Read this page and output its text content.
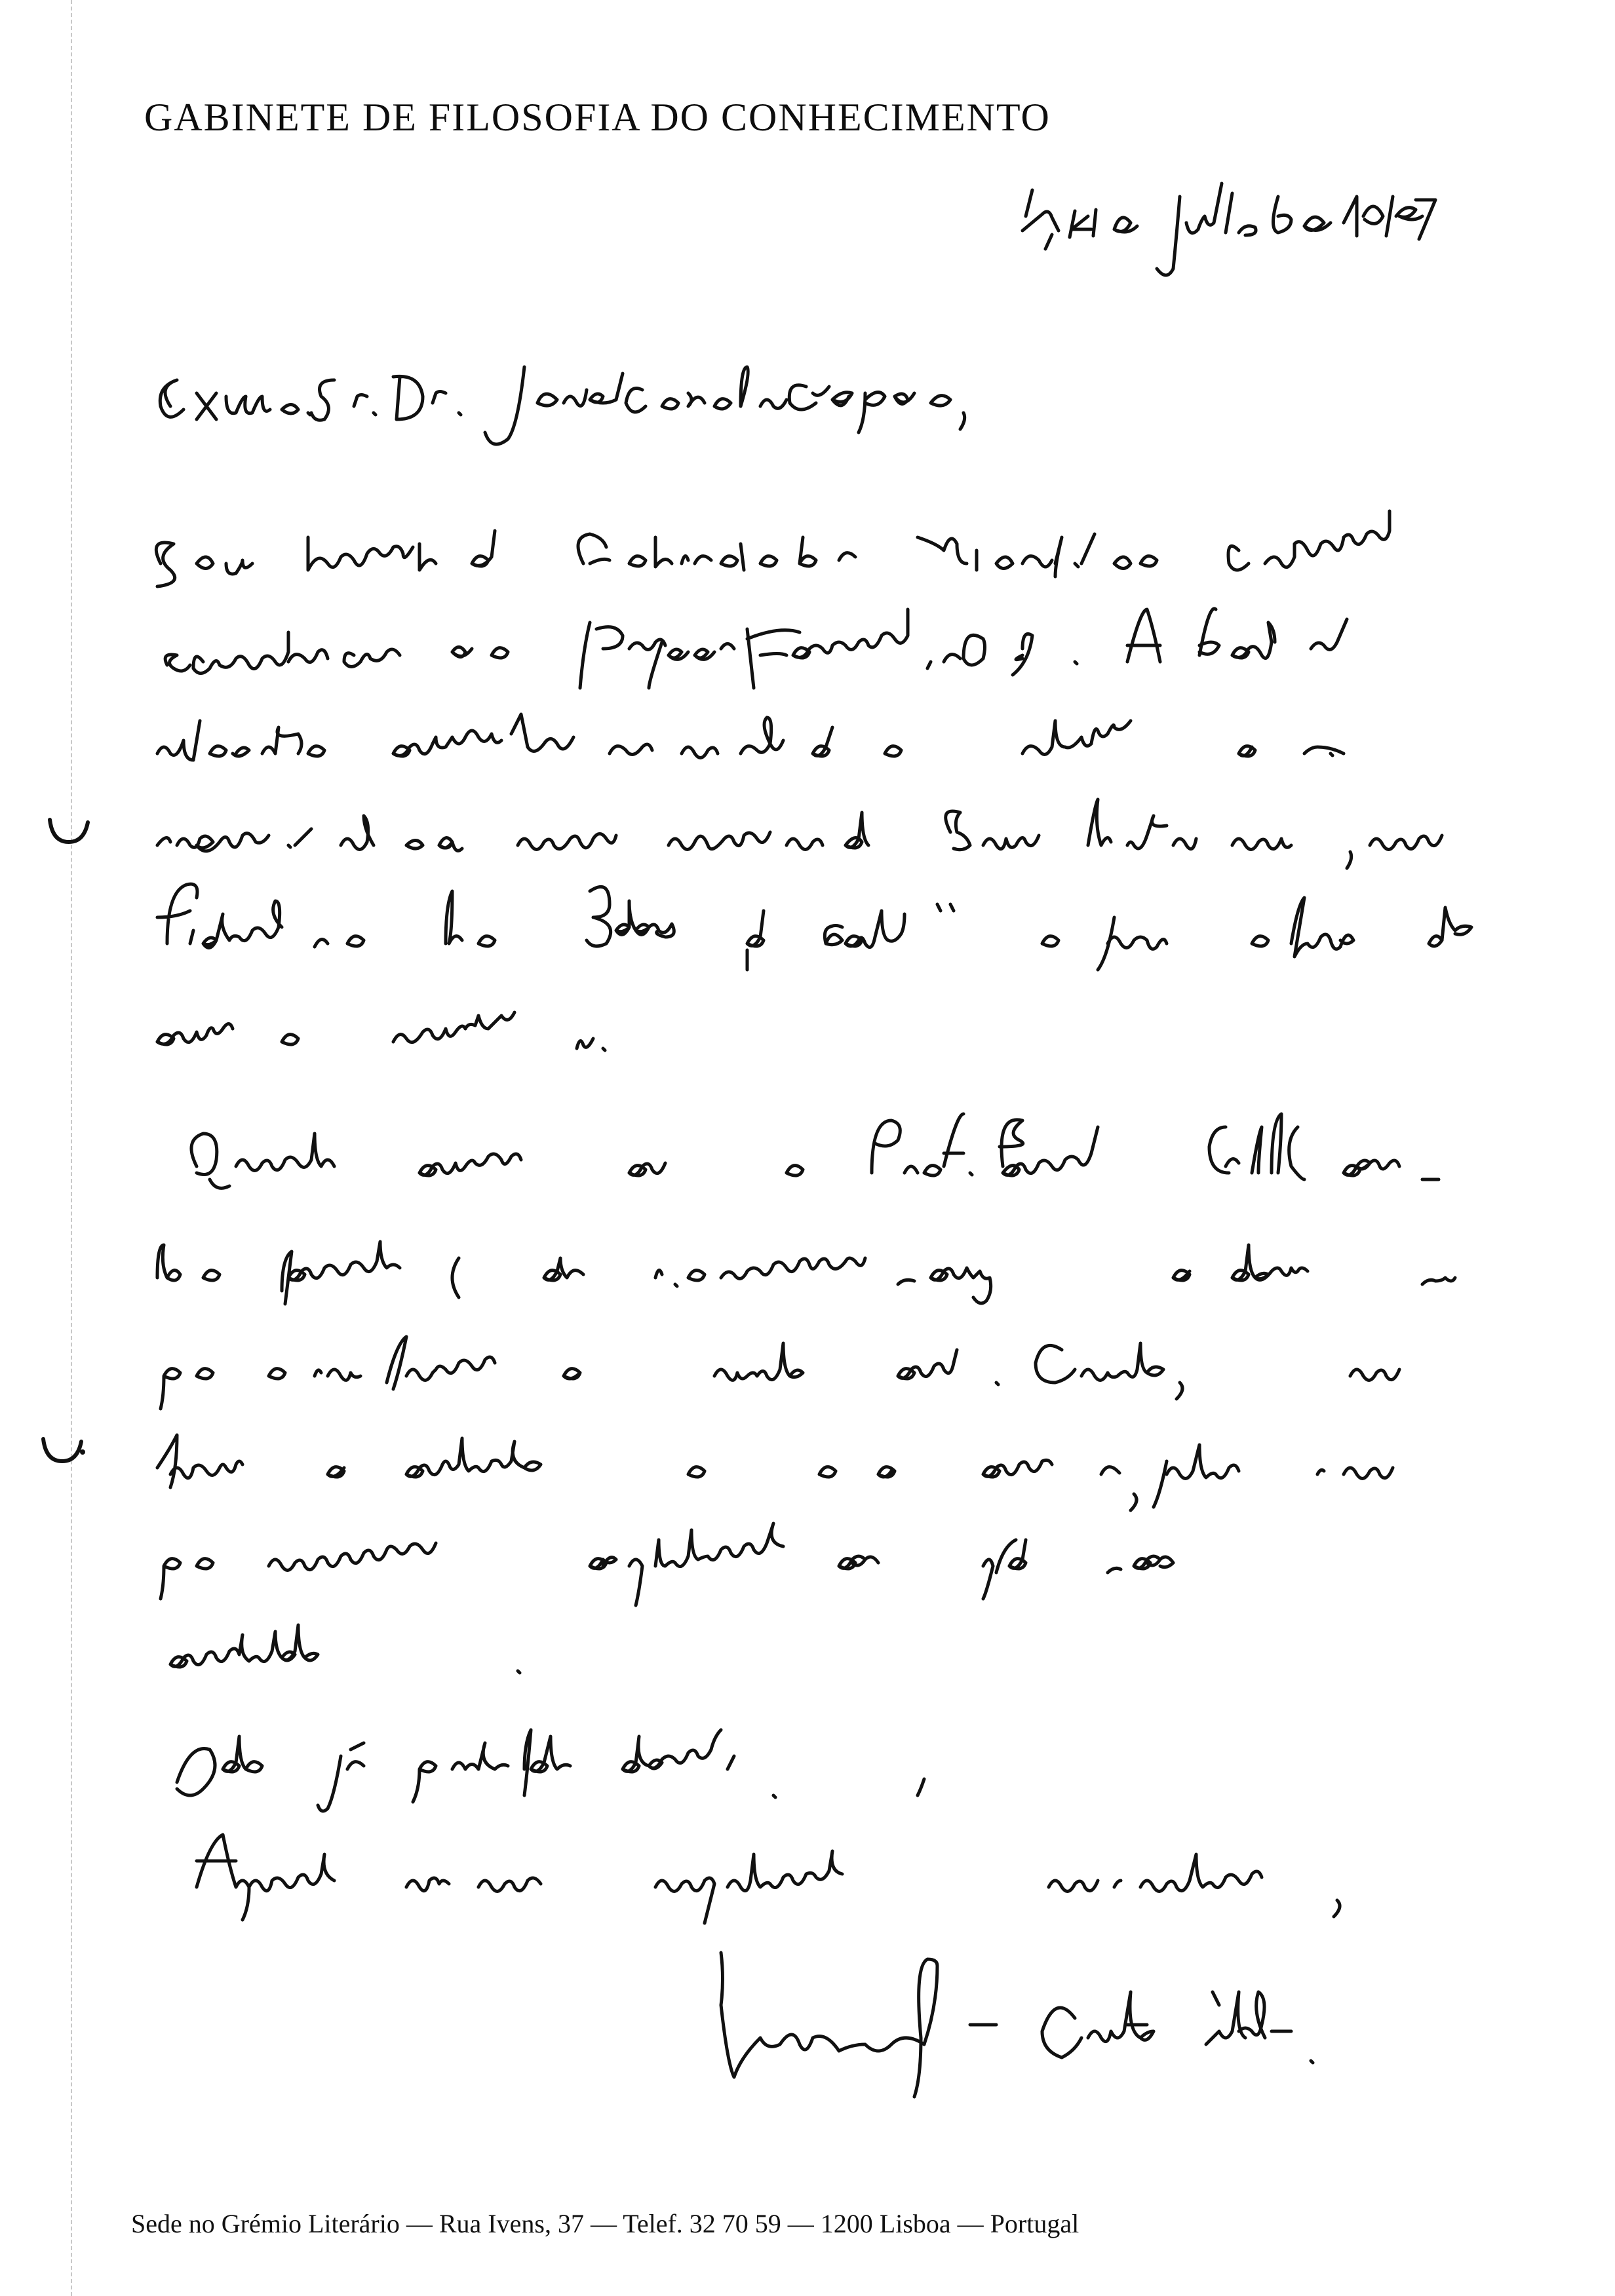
GABINETE DE FILOSOFIA DO CONHECIMENTO

Sede no Grémio Literário — Rua Ivens, 37 — Telef. 32 70 59 — 1200 Lisboa — Portugal
